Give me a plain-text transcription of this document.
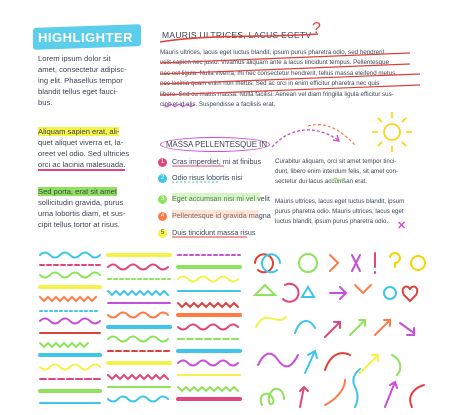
HIGHLIGHTER
Lorem ipsum dolor sit
amet, consectetur adipisc-
ing elit. Phasellus tempor
blandit tellus eget fauci-
bus.
Aliquam sapien erat, ali-
quet aliquet viverra et, la-
oreet vel odio. Sed ultricies
orci ac lacinia malesuada.
Sed porta, erat sit amet
sollicitudin gravida, purus
urna lobortis diam, et sus-
cipit tellus tortor at risus.
MAURIS ULTRICES, LACUS EGETV ?
Mauris ultrices, lacus eget luctus blandit, ipsum purus pharetra odio, sed hendrerit
velit sapien nec justo. Vivamus aliquam ante a lacus tincidunt tempus. Pellentesque
nec est ligula. Nulla viverra, mi nec consectetur hendrerit, tellus massa eleifend metus,
nec lacinia quam enim non metus. Sed ac orci in enim efficitur pharetra nec quis
libero. Sed cu mattis massa. Nulla facilisi. Aenean vel diam fringilla ligula efficitur sus-
cipit et id elis. Suspendisse a facilisis erat.
MASSA PELLENTESQUE IN
1	Cras imperdiet, mi at finibus
2	Odio risus lobortis nisi
3	Eget accumsan nisi mi vel velit
4	Pellentesque id gravida magna
5	Duis tincidunt massa risus
Curabitur aliquam, orci sit amet tempor tinci-
dunt, libero enim interdum felis, sit amet con-
sectetur dui lacus accumsan erat.
Mauris ultrices, lacus eget luctus blandit, ipsum
purus pharetra odio. Mauris ultrices, lacus eget
luctus blandit, ipsum purus pharetra odio. ✕
